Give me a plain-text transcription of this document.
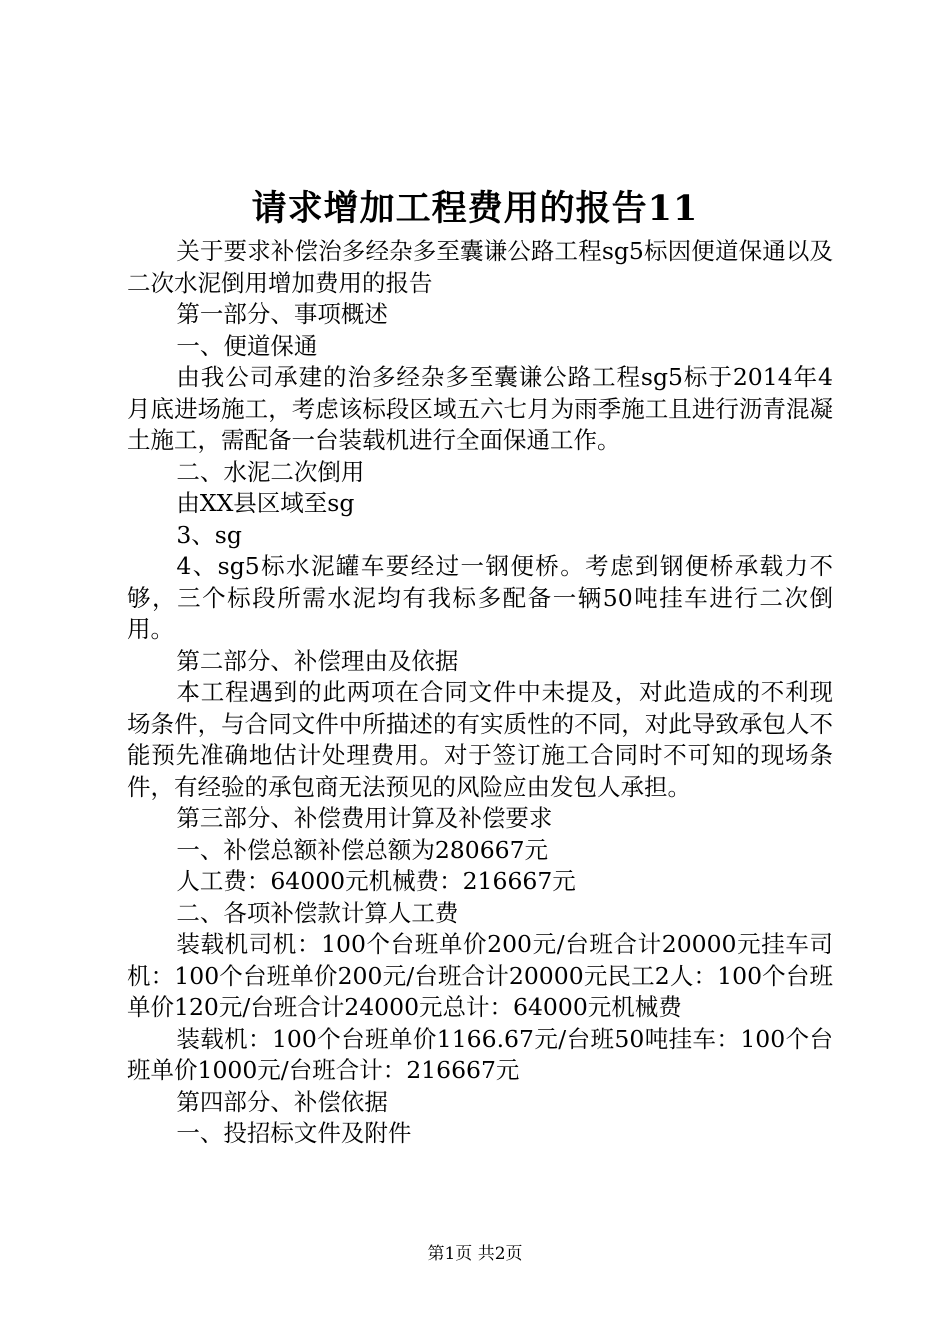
请求增加工程费用的报告11

关于要求补偿治多经杂多至囊谦公路工程sg5标因便道保通以及二次水泥倒用增加费用的报告

第一部分、事项概述

一、便道保通

由我公司承建的治多经杂多至囊谦公路工程sg5标于2014年4月底进场施工，考虑该标段区域五六七月为雨季施工且进行沥青混凝土施工，需配备一台装载机进行全面保通工作。

二、水泥二次倒用

由XX县区域至sg

3、sg

4、sg5标水泥罐车要经过一钢便桥。考虑到钢便桥承载力不够，三个标段所需水泥均有我标多配备一辆50吨挂车进行二次倒用。

第二部分、补偿理由及依据

本工程遇到的此两项在合同文件中未提及，对此造成的不利现场条件，与合同文件中所描述的有实质性的不同，对此导致承包人不能预先准确地估计处理费用。对于签订施工合同时不可知的现场条件，有经验的承包商无法预见的风险应由发包人承担。

第三部分、补偿费用计算及补偿要求

一、补偿总额补偿总额为280667元

人工费：64000元机械费：216667元

二、各项补偿款计算人工费

装载机司机：100个台班单价200元/台班合计20000元挂车司机：100个台班单价200元/台班合计20000元民工2人：100个台班单价120元/台班合计24000元总计：64000元机械费

装载机：100个台班单价1166.67元/台班50吨挂车：100个台班单价1000元/台班合计：216667元

第四部分、补偿依据

一、投招标文件及附件

第1页 共2页
